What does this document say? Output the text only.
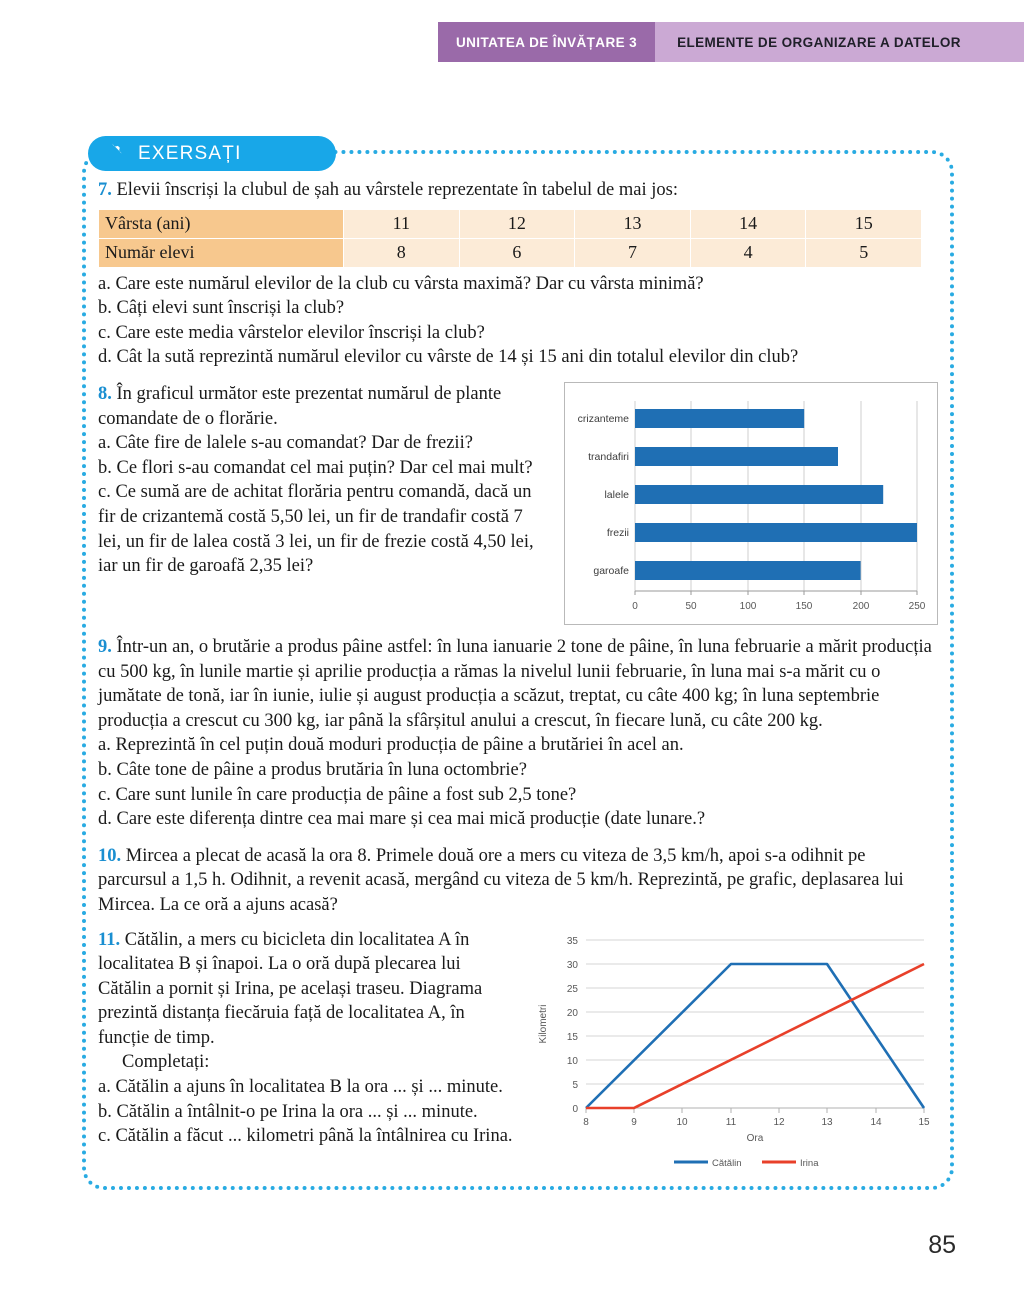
UNITATEA DE ÎNVĂȚARE 3	ELEMENTE DE ORGANIZARE A DATELOR
EXERSAȚI

7. Elevii înscriși la clubul de șah au vârstele reprezentate în tabelul de mai jos:

Vârsta (ani)	11	12	13	14	15
Număr elevi	8	6	7	4	5

a. Care este numărul elevilor de la club cu vârsta maximă? Dar cu vârsta minimă?

b. Câți elevi sunt înscriși la club?

c. Care este media vârstelor elevilor înscriși la club?

d. Cât la sută reprezintă numărul elevilor cu vârste de 14 și 15 ani din totalul elevilor din club?

8. În graficul următor este prezentat numărul de plante comandate de o florărie.

a. Câte fire de lalele s-au comandat? Dar de frezii?

b. Ce flori s-au comandat cel mai puțin? Dar cel mai mult?

c. Ce sumă are de achitat florăria pentru comandă, dacă un fir de crizantemă costă 5,50 lei, un fir de trandafir costă 7 lei, un fir de lalea costă 3 lei, un fir de frezie costă 4,50 lei, iar un fir de garoafă 2,35 lei?

crizanteme
trandafiri
lalele
frezii
garoafe
0	50	100	150	200	250

9. Într-un an, o brutărie a produs pâine astfel: în luna ianuarie 2 tone de pâine, în luna februarie a mărit producția cu 500 kg, în lunile martie și aprilie producția a rămas la nivelul lunii februarie, în luna mai s-a mărit cu o jumătate de tonă, iar în iunie, iulie și august producția a scăzut, treptat, cu câte 400 kg; în luna septembrie producția a crescut cu 300 kg, iar până la sfârșitul anului a crescut, în fiecare lună, cu câte 200 kg.

a. Reprezintă în cel puțin două moduri producția de pâine a brutăriei în acel an.

b. Câte tone de pâine a produs brutăria în luna octombrie?

c. Care sunt lunile în care producția de pâine a fost sub 2,5 tone?

d. Care este diferența dintre cea mai mare și cea mai mică producție (date lunare.?

10. Mircea a plecat de acasă la ora 8. Primele două ore a mers cu viteza de 3,5 km/h, apoi s-a odihnit pe parcursul a 1,5 h. Odihnit, a revenit acasă, mergând cu viteza de 5 km/h. Reprezintă, pe grafic, deplasarea lui Mircea. La ce oră a ajuns acasă?

11. Cătălin, a mers cu bicicleta din localitatea A în localitatea B și înapoi. La o oră după plecarea lui Cătălin a pornit și Irina, pe același traseu. Diagrama prezintă distanța fiecăruia față de localitatea A, în funcție de timp.

Completați:

a. Cătălin a ajuns în localitatea B la ora ... și ... minute.

b. Cătălin a întâlnit-o pe Irina la ora ... și ... minute.

c. Cătălin a făcut ... kilometri până la întâlnirea cu Irina.

0
5
10
15
20
25
30
35
8	9	10	11	12	13	14	15
Ora
Kilometri
Cătălin	Irina
85
